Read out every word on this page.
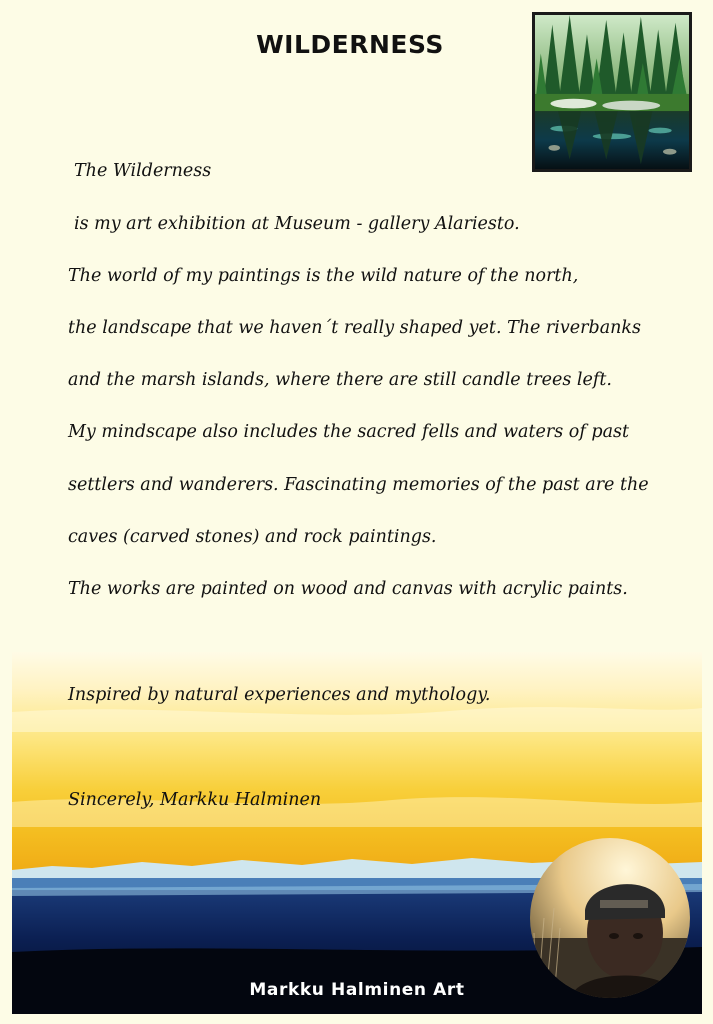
WILDERNESS
The Wilderness
is my art exhibition at Museum - gallery Alariesto.
The world of my paintings is the wild nature of the north,
the landscape that we haven´t really shaped yet. The riverbanks
and the marsh islands, where there are still candle trees left.
My mindscape also includes the sacred fells and waters of past
settlers and wanderers. Fascinating memories of the past are the
caves (carved stones) and rock paintings.
The works are painted on wood and canvas with acrylic paints.
Inspired by natural experiences and mythology.
Sincerely, Markku Halminen
Markku Halminen Art
